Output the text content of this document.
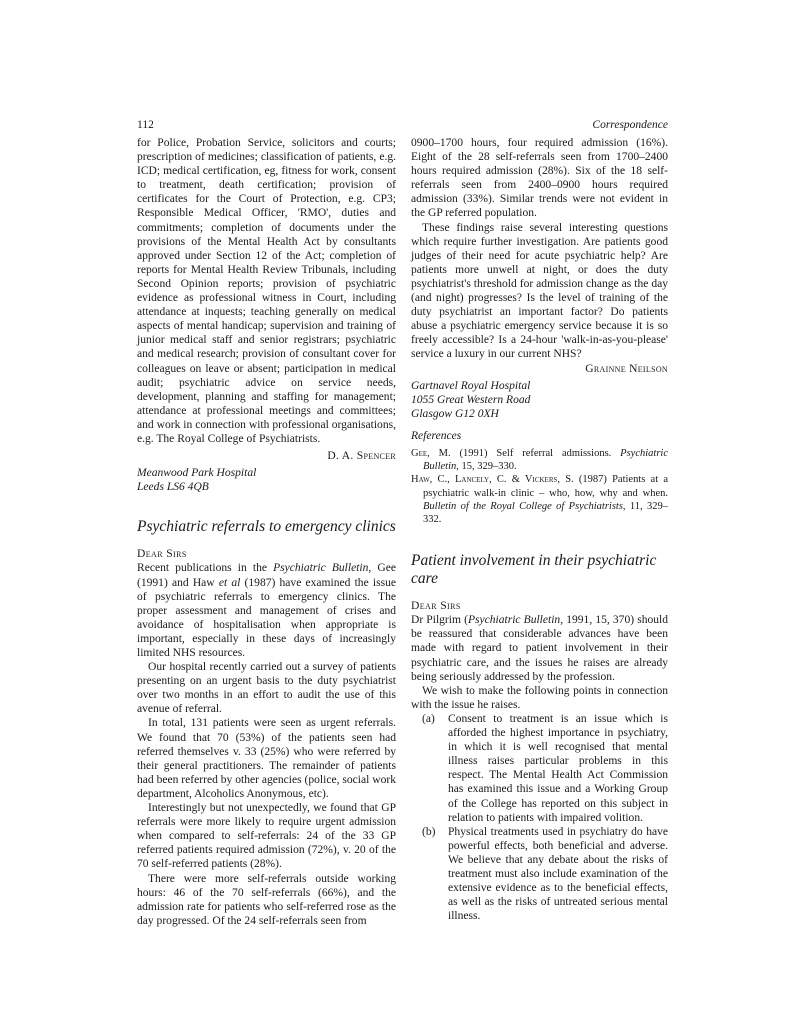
112	Correspondence

for Police, Probation Service, solicitors and courts; prescription of medicines; classification of patients, e.g. ICD; medical certification, eg, fitness for work, consent to treatment, death certification; provision of certificates for the Court of Protection, e.g. CP3; Responsible Medical Officer, 'RMO', duties and commitments; completion of documents under the provisions of the Mental Health Act by consultants approved under Section 12 of the Act; completion of reports for Mental Health Review Tribunals, including Second Opinion reports; provision of psychiatric evidence as professional witness in Court, including attendance at inquests; teaching generally on medical aspects of mental handicap; supervision and training of junior medical staff and senior registrars; psychiatric and medical research; provision of consultant cover for colleagues on leave or absent; participation in medical audit; psychiatric advice on service needs, development, planning and staffing for management; attendance at professional meetings and committees; and work in connection with professional organisations, e.g. The Royal College of Psychiatrists.

D. A. Spencer

Meanwood Park Hospital

Leeds LS6 4QB

Psychiatric referrals to emergency clinics

Dear Sirs

Recent publications in the Psychiatric Bulletin, Gee (1991) and Haw et al (1987) have examined the issue of psychiatric referrals to emergency clinics. The proper assessment and management of crises and avoidance of hospitalisation when appropriate is important, especially in these days of increasingly limited NHS resources.

Our hospital recently carried out a survey of patients presenting on an urgent basis to the duty psychiatrist over two months in an effort to audit the use of this avenue of referral.

In total, 131 patients were seen as urgent referrals. We found that 70 (53%) of the patients seen had referred themselves v. 33 (25%) who were referred by their general practitioners. The remainder of patients had been referred by other agencies (police, social work department, Alcoholics Anonymous, etc).

Interestingly but not unexpectedly, we found that GP referrals were more likely to require urgent admission when compared to self-referrals: 24 of the 33 GP referred patients required admission (72%), v. 20 of the 70 self-referred patients (28%).

There were more self-referrals outside working hours: 46 of the 70 self-referrals (66%), and the admission rate for patients who self-referred rose as the day progressed. Of the 24 self-referrals seen from

0900–1700 hours, four required admission (16%). Eight of the 28 self-referrals seen from 1700–2400 hours required admission (28%). Six of the 18 self-referrals seen from 2400–0900 hours required admission (33%). Similar trends were not evident in the GP referred population.

These findings raise several interesting questions which require further investigation. Are patients good judges of their need for acute psychiatric help? Are patients more unwell at night, or does the duty psychiatrist's threshold for admission change as the day (and night) progresses? Is the level of training of the duty psychiatrist an important factor? Do patients abuse a psychiatric emergency service because it is so freely accessible? Is a 24-hour 'walk-in-as-you-please' service a luxury in our current NHS?

Grainne Neilson

Gartnavel Royal Hospital

1055 Great Western Road

Glasgow G12 0XH

References

Gee, M. (1991) Self referral admissions. Psychiatric Bulletin, 15, 329–330.

Haw, C., Lancely, C. & Vickers, S. (1987) Patients at a psychiatric walk-in clinic – who, how, why and when. Bulletin of the Royal College of Psychiatrists, 11, 329–332.

Patient involvement in their psychiatric care

Dear Sirs

Dr Pilgrim (Psychiatric Bulletin, 1991, 15, 370) should be reassured that considerable advances have been made with regard to patient involvement in their psychiatric care, and the issues he raises are already being seriously addressed by the profession.

We wish to make the following points in connection with the issue he raises.

(a) Consent to treatment is an issue which is afforded the highest importance in psychiatry, in which it is well recognised that mental illness raises particular problems in this respect. The Mental Health Act Commission has examined this issue and a Working Group of the College has reported on this subject in relation to patients with impaired volition.
(b) Physical treatments used in psychiatry do have powerful effects, both beneficial and adverse. We believe that any debate about the risks of treatment must also include examination of the extensive evidence as to the beneficial effects, as well as the risks of untreated serious mental illness.
